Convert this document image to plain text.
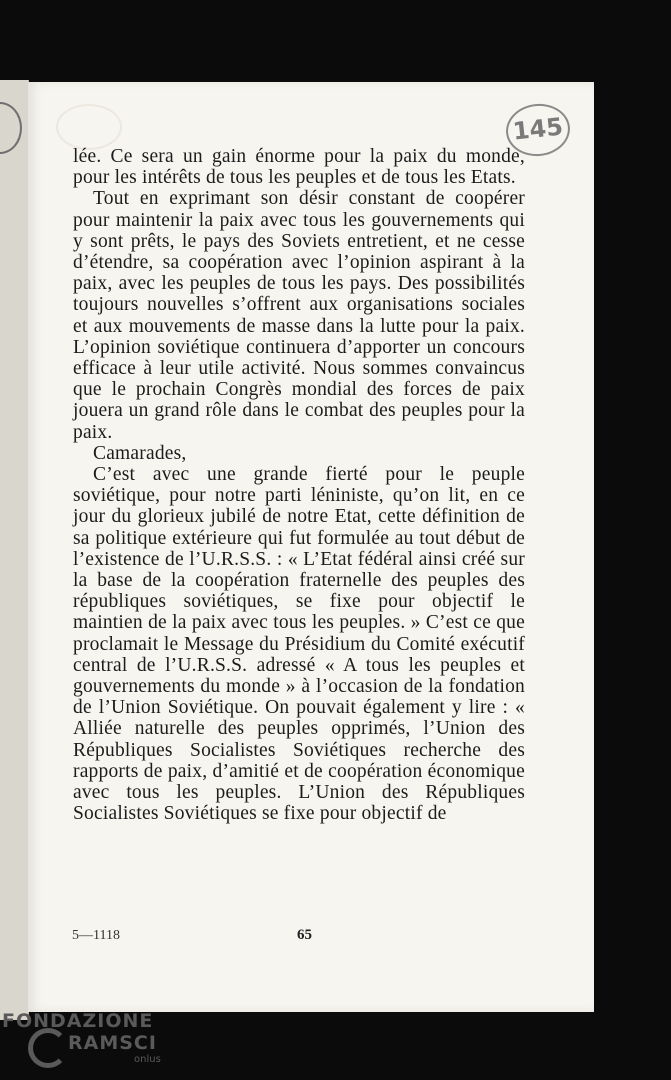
145

lée. Ce sera un gain énorme pour la paix du monde, pour les intérêts de tous les peuples et de tous les Etats.

Tout en exprimant son désir constant de coopérer pour maintenir la paix avec tous les gouvernements qui y sont prêts, le pays des Soviets entretient, et ne cesse d’étendre, sa coopération avec l’opinion aspirant à la paix, avec les peuples de tous les pays. Des possibilités toujours nouvelles s’offrent aux organisations sociales et aux mouvements de masse dans la lutte pour la paix. L’opinion soviétique continuera d’apporter un concours efficace à leur utile activité. Nous sommes convaincus que le prochain Congrès mondial des forces de paix jouera un grand rôle dans le combat des peuples pour la paix.

Camarades,

C’est avec une grande fierté pour le peuple soviétique, pour notre parti léniniste, qu’on lit, en ce jour du glorieux jubilé de notre Etat, cette définition de sa politique extérieure qui fut formulée au tout début de l’existence de l’U.R.S.S. : « L’Etat fédéral ainsi créé sur la base de la coopération fraternelle des peuples des républiques soviétiques, se fixe pour objectif le maintien de la paix avec tous les peuples. » C’est ce que proclamait le Message du Présidium du Comité exécutif central de l’U.R.S.S. adressé « A tous les peuples et gouvernements du monde » à l’occasion de la fondation de l’Union Soviétique. On pouvait également y lire : « Alliée naturelle des peuples opprimés, l’Union des Républiques Socialistes Soviétiques recherche des rapports de paix, d’amitié et de coopération économique avec tous les peuples. L’Union des Républiques Socialistes Soviétiques se fixe pour objectif de

5—1118	65
FONDAZIONE
RAMSCI
onlus
